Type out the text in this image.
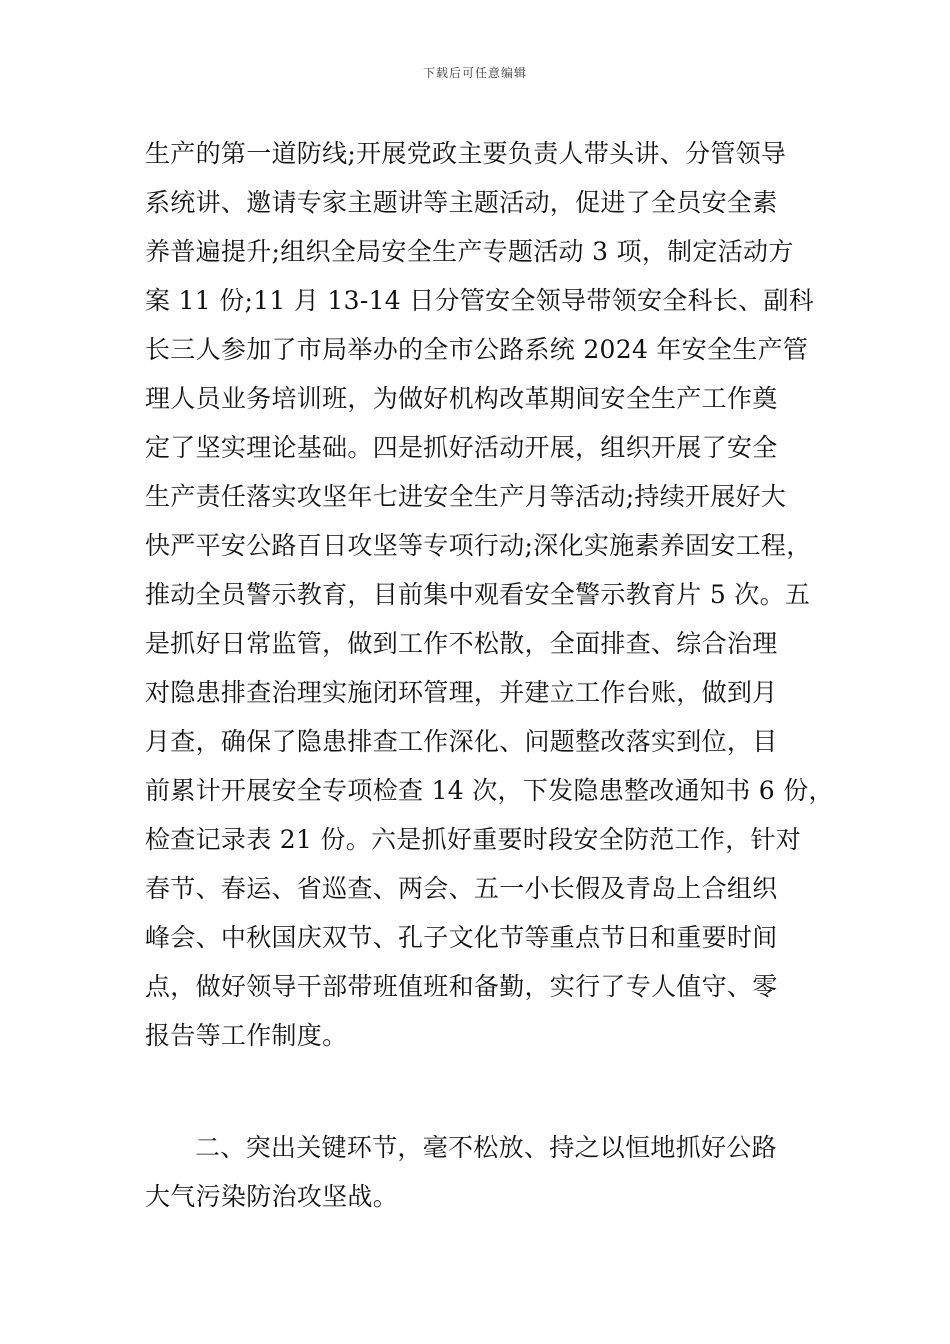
下载后可任意编辑
生产的第一道防线;开展党政主要负责人带头讲、分管领导
系统讲、邀请专家主题讲等主题活动，促进了全员安全素
养普遍提升;组织全局安全生产专题活动 3 项，制定活动方
案 11 份;11 月 13-14 日分管安全领导带领安全科长、副科
长三人参加了市局举办的全市公路系统 2024 年安全生产管
理人员业务培训班，为做好机构改革期间安全生产工作奠
定了坚实理论基础。四是抓好活动开展，组织开展了安全
生产责任落实攻坚年七进安全生产月等活动;持续开展好大
快严平安公路百日攻坚等专项行动;深化实施素养固安工程，
推动全员警示教育，目前集中观看安全警示教育片 5 次。五
是抓好日常监管，做到工作不松散，全面排查、综合治理
对隐患排查治理实施闭环管理，并建立工作台账，做到月
月查，确保了隐患排查工作深化、问题整改落实到位，目
前累计开展安全专项检查 14 次，下发隐患整改通知书 6 份，
检查记录表 21 份。六是抓好重要时段安全防范工作，针对
春节、春运、省巡查、两会、五一小长假及青岛上合组织
峰会、中秋国庆双节、孔子文化节等重点节日和重要时间
点，做好领导干部带班值班和备勤，实行了专人值守、零
报告等工作制度。
二、突出关键环节，毫不松放、持之以恒地抓好公路
大气污染防治攻坚战。
